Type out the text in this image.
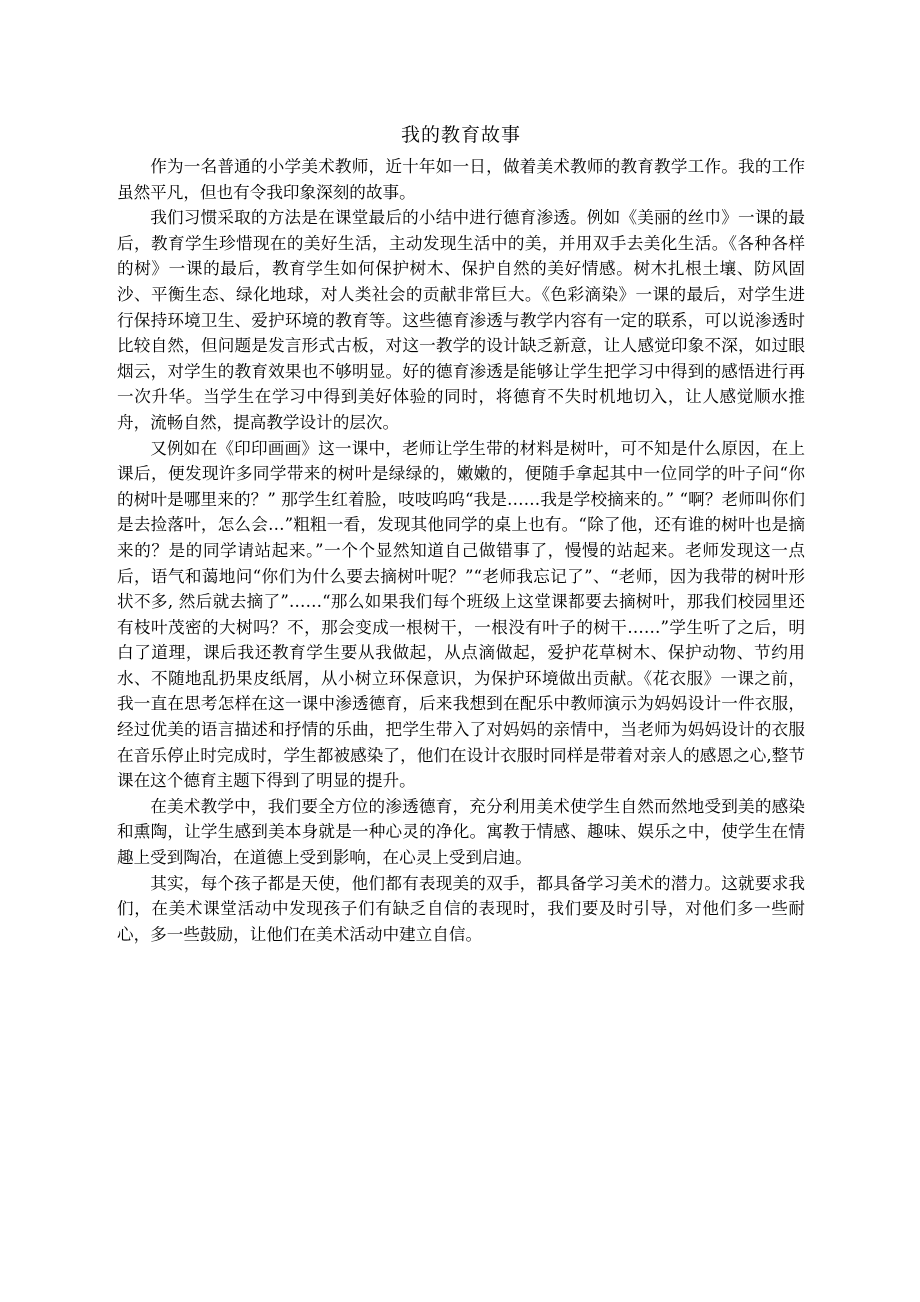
我的教育故事

作为一名普通的小学美术教师，近十年如一日，做着美术教师的教育教学工作。我的工作虽然平凡，但也有令我印象深刻的故事。

我们习惯采取的方法是在课堂最后的小结中进行德育渗透。例如《美丽的丝巾》一课的最后，教育学生珍惜现在的美好生活，主动发现生活中的美，并用双手去美化生活。《各种各样的树》一课的最后，教育学生如何保护树木、保护自然的美好情感。树木扎根土壤、防风固沙、平衡生态、绿化地球，对人类社会的贡献非常巨大。《色彩滴染》一课的最后，对学生进行保持环境卫生、爱护环境的教育等。这些德育渗透与教学内容有一定的联系，可以说渗透时比较自然，但问题是发言形式古板，对这一教学的设计缺乏新意，让人感觉印象不深，如过眼烟云，对学生的教育效果也不够明显。好的德育渗透是能够让学生把学习中得到的感悟进行再一次升华。当学生在学习中得到美好体验的同时，将德育不失时机地切入，让人感觉顺水推舟，流畅自然，提高教学设计的层次。

又例如在《印印画画》这一课中，老师让学生带的材料是树叶，可不知是什么原因，在上课后，便发现许多同学带来的树叶是绿绿的，嫩嫩的，便随手拿起其中一位同学的叶子问“你的树叶是哪里来的？” 那学生红着脸，吱吱呜呜“我是……我是学校摘来的。” “啊？老师叫你们是去捡落叶，怎么会…”粗粗一看，发现其他同学的桌上也有。“除了他，还有谁的树叶也是摘来的？是的同学请站起来。”一个个显然知道自己做错事了，慢慢的站起来。老师发现这一点后，语气和蔼地问“你们为什么要去摘树叶呢？”“老师我忘记了”、“老师，因为我带的树叶形状不多, 然后就去摘了”……“那么如果我们每个班级上这堂课都要去摘树叶，那我们校园里还有枝叶茂密的大树吗？不，那会变成一根树干，一根没有叶子的树干……”学生听了之后，明白了道理，课后我还教育学生要从我做起，从点滴做起，爱护花草树木、保护动物、节约用水、不随地乱扔果皮纸屑，从小树立环保意识，为保护环境做出贡献。《花衣服》一课之前，我一直在思考怎样在这一课中渗透德育，后来我想到在配乐中教师演示为妈妈设计一件衣服，经过优美的语言描述和抒情的乐曲，把学生带入了对妈妈的亲情中，当老师为妈妈设计的衣服在音乐停止时完成时，学生都被感染了，他们在设计衣服时同样是带着对亲人的感恩之心,整节课在这个德育主题下得到了明显的提升。

在美术教学中，我们要全方位的渗透德育，充分利用美术使学生自然而然地受到美的感染和熏陶，让学生感到美本身就是一种心灵的净化。寓教于情感、趣味、娱乐之中，使学生在情趣上受到陶冶，在道德上受到影响，在心灵上受到启迪。

其实，每个孩子都是天使，他们都有表现美的双手，都具备学习美术的潜力。这就要求我们，在美术课堂活动中发现孩子们有缺乏自信的表现时，我们要及时引导，对他们多一些耐心，多一些鼓励，让他们在美术活动中建立自信。
